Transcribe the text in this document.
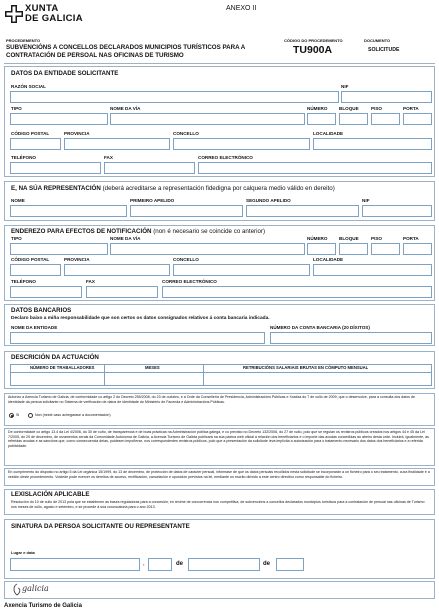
XUNTA
DE GALICIA
ANEXO II
PROCEDEMENTO
SUBVENCIÓNS A CONCELLOS DECLARADOS MUNICIPIOS TURÍSTICOS PARA A CONTRATACIÓN DE PERSOAL NAS OFICINAS DE TURISMO
CÓDIGO DO PROCEDEMENTO
TU900A
DOCUMENTO
SOLICITUDE
DATOS DA ENTIDADE SOLICITANTE
RAZÓN SOCIAL	NIF
TIPO	NOME DA VÍA	NÚMERO	BLOQUE	PISO	PORTA
CÓDIGO POSTAL	PROVINCIA	CONCELLO	LOCALIDADE
TELÉFONO	FAX	CORREO ELECTRÓNICO
E, NA SÚA REPRESENTACIÓN (deberá acreditarse a representación fidedigna por calquera medio válido en dereito)
NOME	PRIMEIRO APELIDO	SEGUNDO APELIDO	NIF
ENDEREZO PARA EFECTOS DE NOTIFICACIÓN (non é necesario se coincide co anterior)
TIPO	NOME DA VÍA	NÚMERO	BLOQUE	PISO	PORTA
CÓDIGO POSTAL	PROVINCIA	CONCELLO	LOCALIDADE
TELÉFONO	FAX	CORREO ELECTRÓNICO
DATOS BANCARIOS
Declaro baixo a miña responsabilidade que son certos os datos consignados relativos á conta bancaria indicada.
NOME DA ENTIDADE	NÚMERO DA CONTA BANCARIA (20 DÍXITOS)
DESCRICIÓN DA ACTUACIÓN
NÚMERO DE TRABALLADORES	MESES	RETRIBUCIÓNS SALARIAIS BRUTAS EN CÓMPUTO MENSUAL
Autorizo a Axencia Turismo de Galicia, de conformidade co artigo 2 do Decreto 255/2008, do 23 de outubro, e a Orde da Consellería de Presidencia, Administracións Públicas e Xustiza do 7 de xullo de 2009, que o desenvolve, para a consulta dos datos de identidade da persoa solicitante no Sistema de verificación de datos de identidade do Ministerio de Facenda e Administracións Públicas.
Si	Non (neste caso achegarase a documentación)
De conformidade co artigo 13.4 da Lei 4/2006, do 30 de xuño, de transparencia e de boas prácticas na Administración pública galega, e co previsto no Decreto 132/2006, do 27 de xullo, polo que se regulan os rexistros públicos creados nos artigos 44 e 45 da Lei 7/2005, do 29 de decembro, de orzamentos xerais da Comunidade Autónoma de Galicia, a Axencia Turismo de Galicia publicará na súa páxina web oficial a relación dos beneficiarios e o importe das axudas concedidas ao abeiro desta orde. Incluirá, igualmente, as referidas axudas e as sancións que, como consecuencia delas, puidesen impoñerse, nos correspondentes rexistros públicos, polo que a presentación da solicitude leva implícita a autorización para o tratamento necesario dos datos dos beneficiarios e a referida publicidade.
En cumprimento do disposto no artigo 5 da Lei orgánica 15/1999, do 13 de decembro, de protección de datos de carácter persoal, infórmase de que os datos persoais recollidos nesta solicitude se incorporarán a un ficheiro para o seu tratamento, cuxa finalidade é a xestión deste procedemento. Vostede pode exercer os dereitos de acceso, rectificación, cancelación e oposición previstos na lei, mediante un escrito dirixido a este centro directivo como responsable do ficheiro.
LEXISLACIÓN APLICABLE
Resolución do 10 de xullo de 2013 pola que se establecen as bases reguladoras para a concesión, en réxime de concorrencia non competitiva, de subvencións a concellos declarados municipios turísticos para a contratación de persoal nas oficinas de Turismo nos meses de xullo, agosto e setembro, e se procede á súa convocatoria para o ano 2013.
SINATURA DA PERSOA SOLICITANTE OU REPRESENTANTE
Lugar e data
,	de	de
galicia
Axencia Turismo de Galicia
